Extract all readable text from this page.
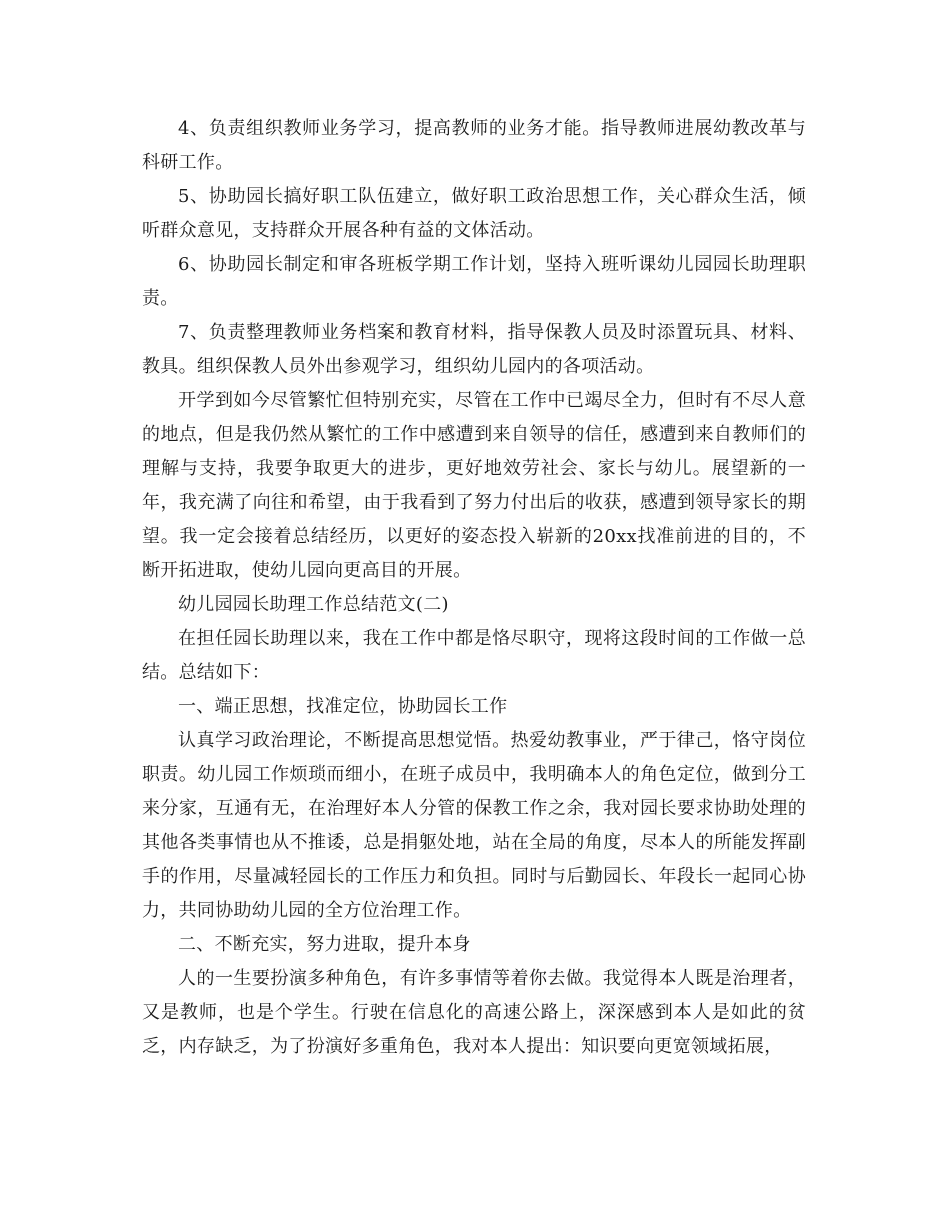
4、负责组织教师业务学习，提高教师的业务才能。指导教师进展幼教改革与科研工作。

5、协助园长搞好职工队伍建立，做好职工政治思想工作，关心群众生活，倾听群众意见，支持群众开展各种有益的文体活动。

6、协助园长制定和审各班板学期工作计划，坚持入班听课幼儿园园长助理职责。

7、负责整理教师业务档案和教育材料，指导保教人员及时添置玩具、材料、教具。组织保教人员外出参观学习，组织幼儿园内的各项活动。

开学到如今尽管繁忙但特别充实，尽管在工作中已竭尽全力，但时有不尽人意的地点，但是我仍然从繁忙的工作中感遭到来自领导的信任，感遭到来自教师们的理解与支持，我要争取更大的进步，更好地效劳社会、家长与幼儿。展望新的一年，我充满了向往和希望，由于我看到了努力付出后的收获，感遭到领导家长的期望。我一定会接着总结经历，以更好的姿态投入崭新的20xx找准前进的目的，不断开拓进取，使幼儿园向更高目的开展。

幼儿园园长助理工作总结范文(二)

在担任园长助理以来，我在工作中都是恪尽职守，现将这段时间的工作做一总结。总结如下：

一、端正思想，找准定位，协助园长工作

认真学习政治理论，不断提高思想觉悟。热爱幼教事业，严于律己，恪守岗位职责。幼儿园工作烦琐而细小，在班子成员中，我明确本人的角色定位，做到分工来分家，互通有无，在治理好本人分管的保教工作之余，我对园长要求协助处理的其他各类事情也从不推诿，总是捐躯处地，站在全局的角度，尽本人的所能发挥副手的作用，尽量减轻园长的工作压力和负担。同时与后勤园长、年段长一起同心协力，共同协助幼儿园的全方位治理工作。

二、不断充实，努力进取，提升本身

人的一生要扮演多种角色，有许多事情等着你去做。我觉得本人既是治理者，又是教师，也是个学生。行驶在信息化的高速公路上，深深感到本人是如此的贫乏，内存缺乏，为了扮演好多重角色，我对本人提出：知识要向更宽领域拓展，
